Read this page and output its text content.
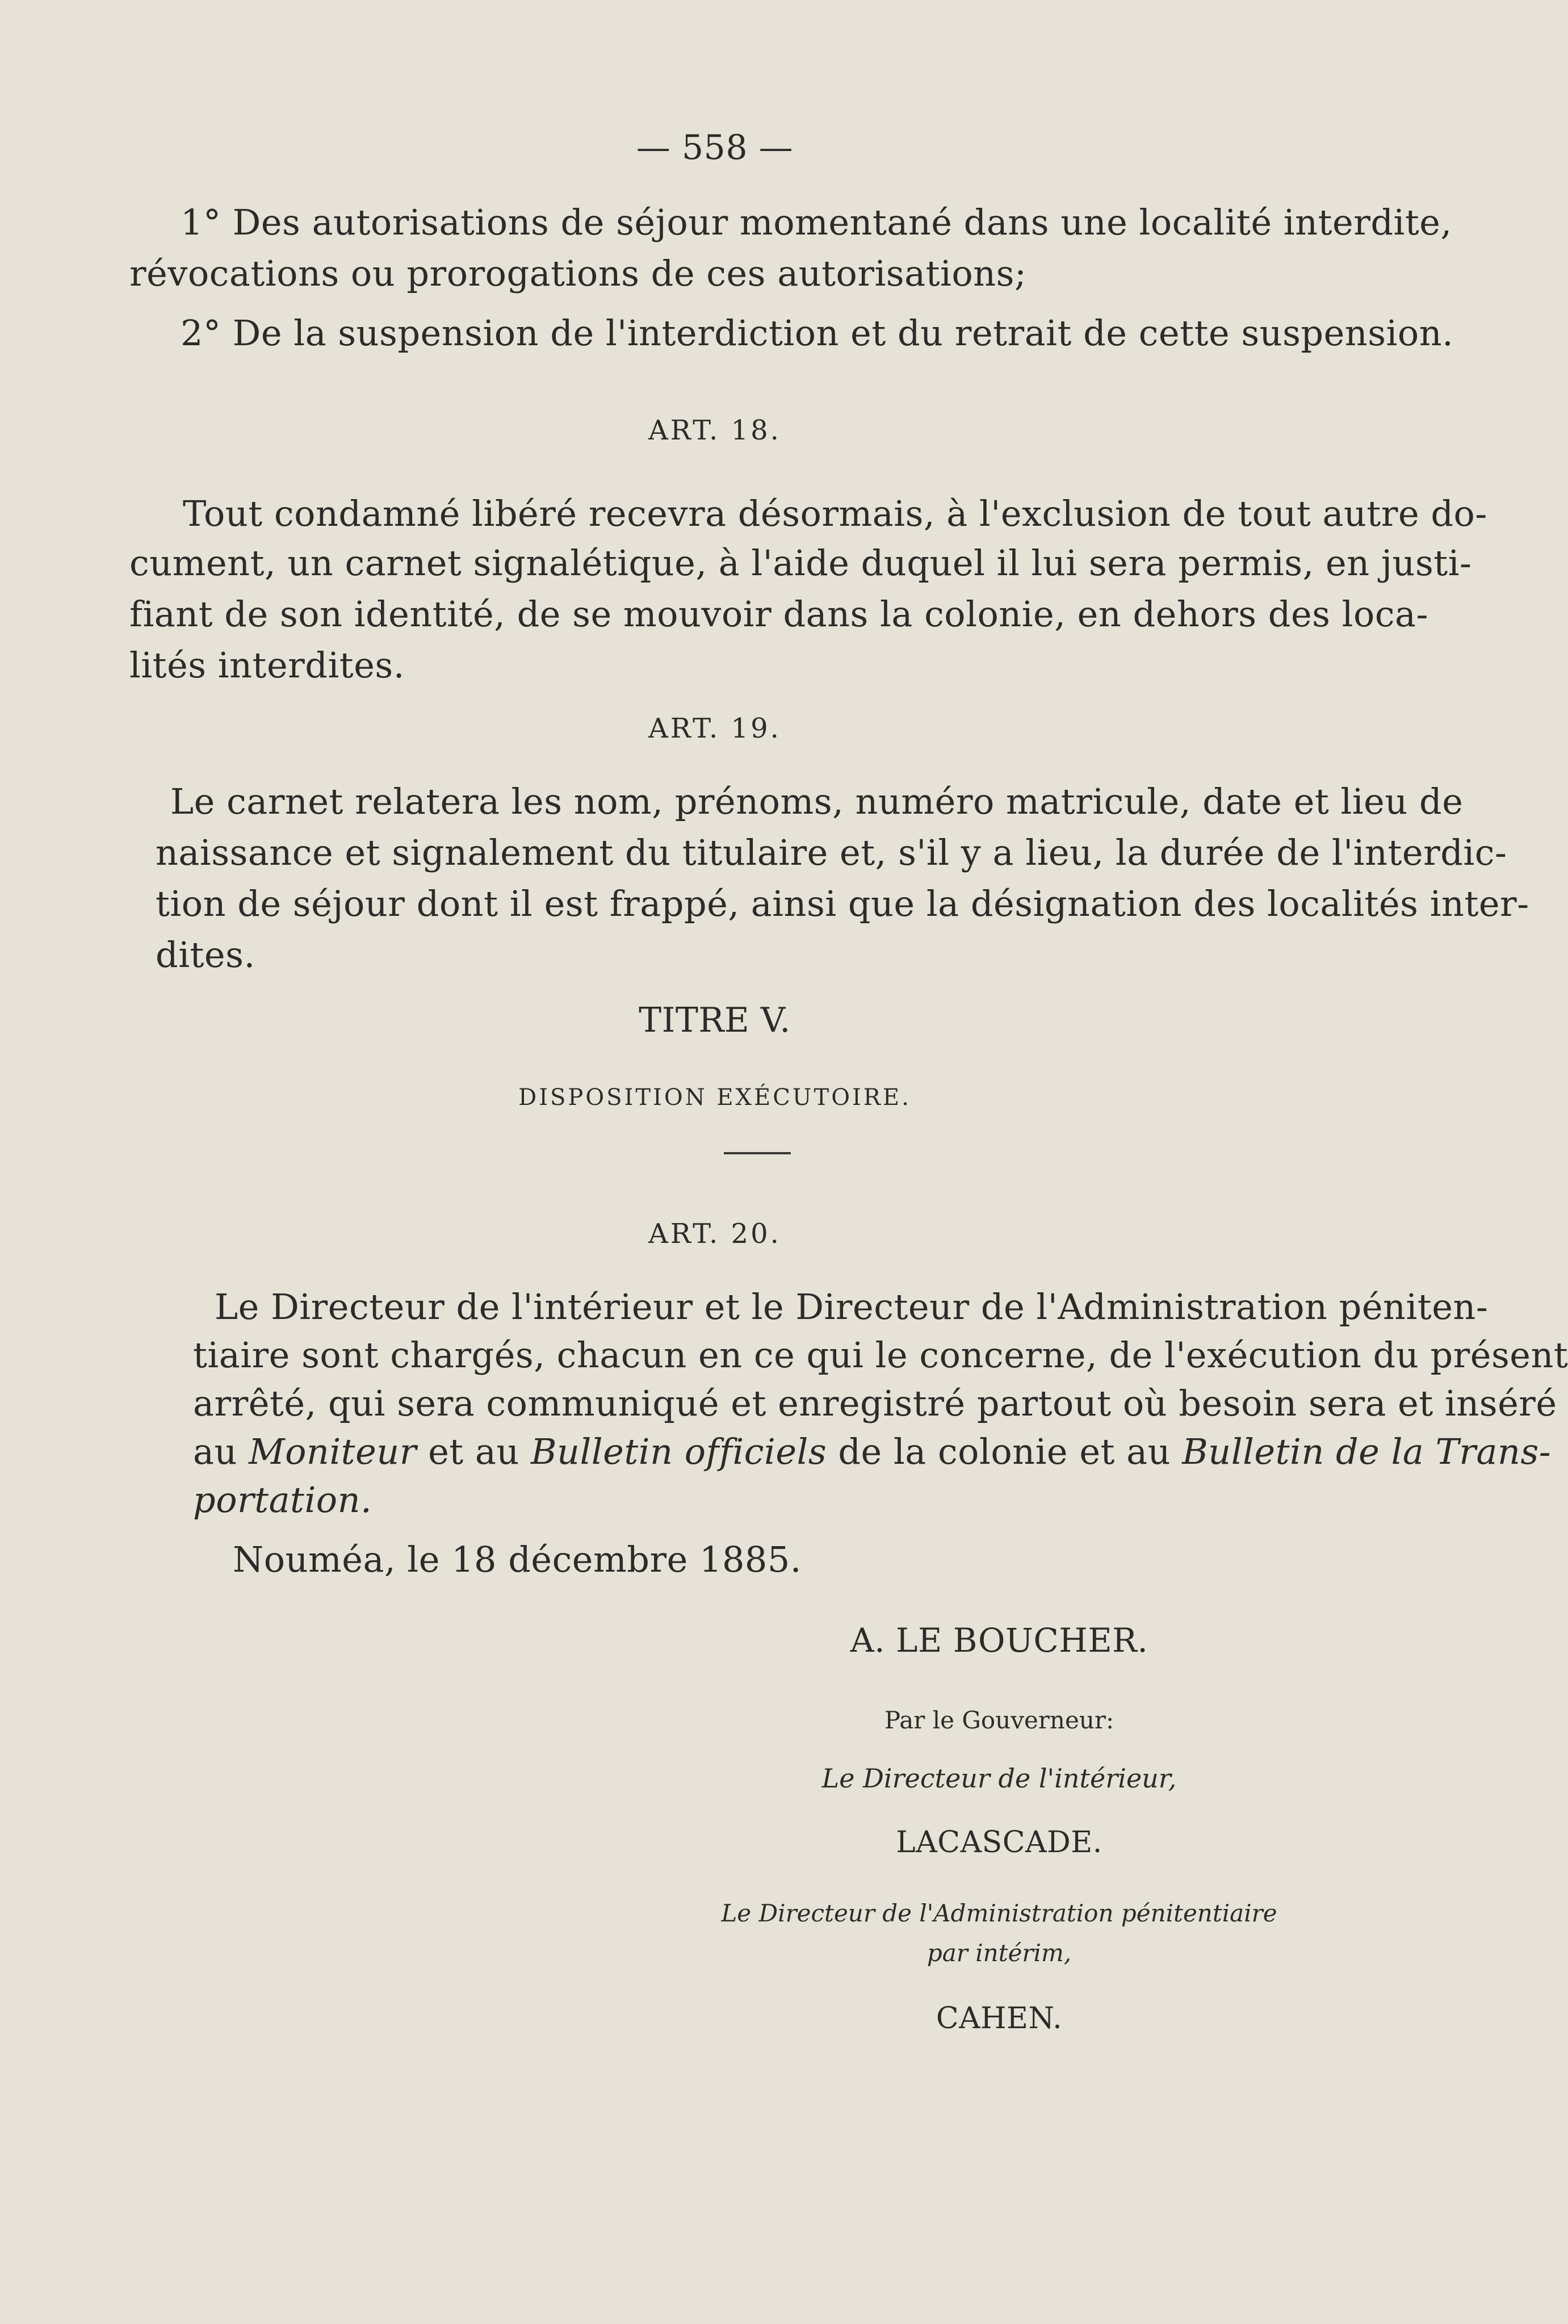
— 558 —
1° Des autorisations de séjour momentané dans une localité interdite,
révocations ou prorogations de ces autorisations;
2° De la suspension de l'interdiction et du retrait de cette suspension.
ART. 18.
Tout condamné libéré recevra désormais, à l'exclusion de tout autre do-
cument, un carnet signalétique, à l'aide duquel il lui sera permis, en justi-
fiant de son identité, de se mouvoir dans la colonie, en dehors des loca-
lités interdites.
ART. 19.
Le carnet relatera les nom, prénoms, numéro matricule, date et lieu de
naissance et signalement du titulaire et, s'il y a lieu, la durée de l'interdic-
tion de séjour dont il est frappé, ainsi que la désignation des localités inter-
dites.
TITRE V.
DISPOSITION EXÉCUTOIRE.
ART. 20.
Le Directeur de l'intérieur et le Directeur de l'Administration péniten-
tiaire sont chargés, chacun en ce qui le concerne, de l'exécution du présent
arrêté, qui sera communiqué et enregistré partout où besoin sera et inséré
au Moniteur et au Bulletin officiels de la colonie et au Bulletin de la Trans-
portation.
Nouméa, le 18 décembre 1885.
A. LE BOUCHER.
Par le Gouverneur:
Le Directeur de l'intérieur,
LACASCADE.
Le Directeur de l'Administration pénitentiaire
par intérim,
CAHEN.
